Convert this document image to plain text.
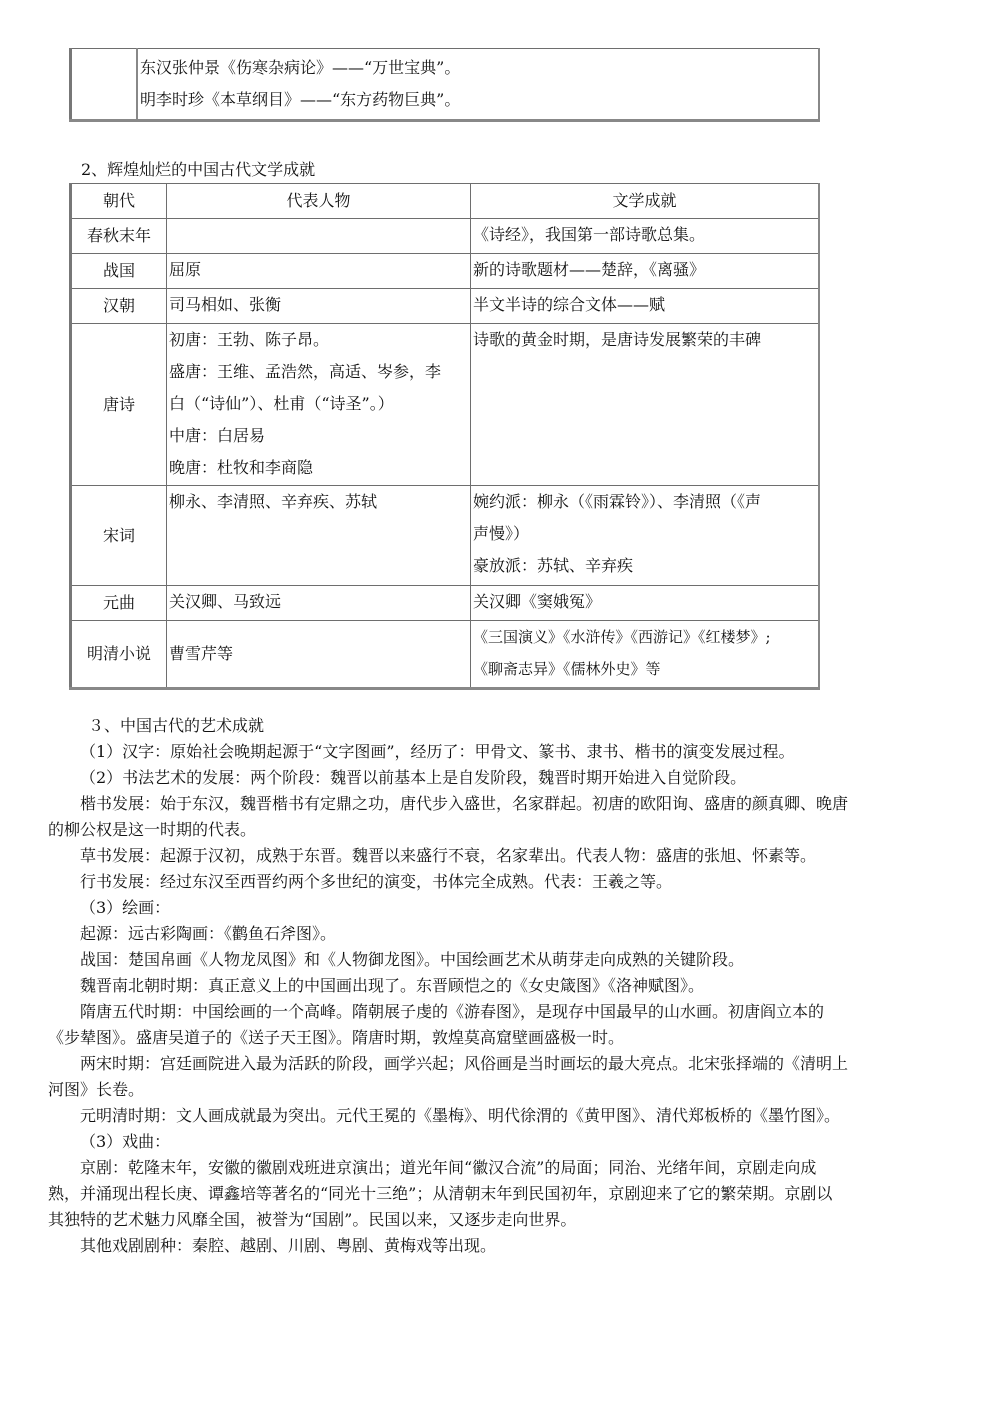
东汉张仲景《伤寒杂病论》——“万世宝典”。
明李时珍《本草纲目》——“东方药物巨典”。
2、辉煌灿烂的中国古代文学成就
朝代	代表人物	文学成就
春秋末年		《诗经》，我国第一部诗歌总集。

战国	屈原	新的诗歌题材——楚辞，《离骚》

汉朝	司马相如、张衡	半文半诗的综合文体——赋

唐诗	初唐：王勃、陈子昂。
盛唐：王维、孟浩然，高适、岑参，李
白（“诗仙”）、杜甫（“诗圣”。）
中唐：白居易
晚唐：杜牧和李商隐	诗歌的黄金时期，是唐诗发展繁荣的丰碑

宋词	柳永、李清照、辛弃疾、苏轼	婉约派：柳永（《雨霖铃》）、李清照（《声
声慢》）
豪放派：苏轼、辛弃疾

元曲	关汉卿、马致远	关汉卿《窦娥冤》

明清小说	曹雪芹等	《三国演义》《水浒传》《西游记》《红楼梦》;
《聊斋志异》《儒林外史》等

３、中国古代的艺术成就

（1）汉字：原始社会晚期起源于“文字图画”，经历了：甲骨文、篆书、隶书、楷书的演变发展过程。

（2）书法艺术的发展：两个阶段：魏晋以前基本上是自发阶段，魏晋时期开始进入自觉阶段。

楷书发展：始于东汉，魏晋楷书有定鼎之功，唐代步入盛世，名家群起。初唐的欧阳询、盛唐的颜真卿、晚唐的柳公权是这一时期的代表。

草书发展：起源于汉初，成熟于东晋。魏晋以来盛行不衰，名家辈出。代表人物：盛唐的张旭、怀素等。

行书发展：经过东汉至西晋约两个多世纪的演变，书体完全成熟。代表：王羲之等。

（3）绘画：

起源：远古彩陶画：《鹳鱼石斧图》。

战国：楚国帛画《人物龙凤图》和《人物御龙图》。中国绘画艺术从萌芽走向成熟的关键阶段。

魏晋南北朝时期：真正意义上的中国画出现了。东晋顾恺之的《女史箴图》《洛神赋图》。

隋唐五代时期：中国绘画的一个高峰。隋朝展子虔的《游春图》，是现存中国最早的山水画。初唐阎立本的《步辇图》。盛唐吴道子的《送子天王图》。隋唐时期，敦煌莫高窟壁画盛极一时。

两宋时期：宫廷画院进入最为活跃的阶段，画学兴起；风俗画是当时画坛的最大亮点。北宋张择端的《清明上河图》长卷。

元明清时期：文人画成就最为突出。元代王冕的《墨梅》、明代徐渭的《黄甲图》、清代郑板桥的《墨竹图》。

（3）戏曲：

京剧：乾隆末年，安徽的徽剧戏班进京演出；道光年间“徽汉合流”的局面；同治、光绪年间，京剧走向成熟，并涌现出程长庚、谭鑫培等著名的“同光十三绝”；从清朝末年到民国初年，京剧迎来了它的繁荣期。京剧以其独特的艺术魅力风靡全国，被誉为“国剧”。民国以来，又逐步走向世界。

其他戏剧剧种：秦腔、越剧、川剧、粤剧、黄梅戏等出现。
